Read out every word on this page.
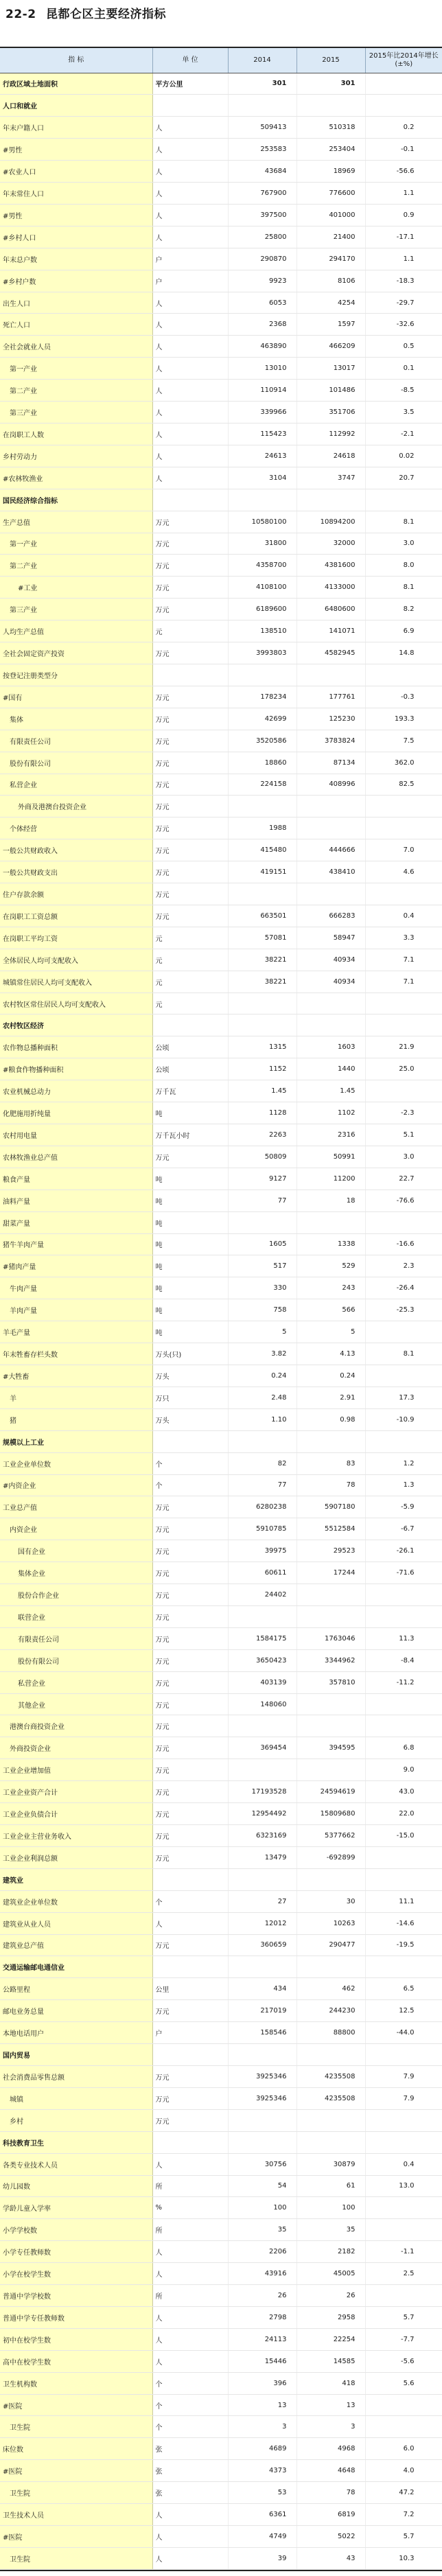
22-2 昆都仑区主要经济指标
指 标	单 位	2014	2015	2015年比2014年增长(±%)
行政区域土地面积	平方公里	301	301	
人口和就业				
年末户籍人口	人	509413	510318	0.2
#男性	人	253583	253404	-0.1
#农业人口	人	43684	18969	-56.6
年末常住人口	人	767900	776600	1.1
#男性	人	397500	401000	0.9
#乡村人口	人	25800	21400	-17.1
年末总户数	户	290870	294170	1.1
#乡村户数	户	9923	8106	-18.3
出生人口	人	6053	4254	-29.7
死亡人口	人	2368	1597	-32.6
全社会就业人员	人	463890	466209	0.5
第一产业	人	13010	13017	0.1
第二产业	人	110914	101486	-8.5
第三产业	人	339966	351706	3.5
在岗职工人数	人	115423	112992	-2.1
乡村劳动力	人	24613	24618	0.02
#农林牧渔业	人	3104	3747	20.7
国民经济综合指标				
生产总值	万元	10580100	10894200	8.1
第一产业	万元	31800	32000	3.0
第二产业	万元	4358700	4381600	8.0
#工业	万元	4108100	4133000	8.1
第三产业	万元	6189600	6480600	8.2
人均生产总值	元	138510	141071	6.9
全社会固定资产投资	万元	3993803	4582945	14.8
按登记注册类型分				
#国有	万元	178234	177761	-0.3
集体	万元	42699	125230	193.3
有限责任公司	万元	3520586	3783824	7.5
股份有限公司	万元	18860	87134	362.0
私营企业	万元	224158	408996	82.5
外商及港澳台投资企业	万元			
个体经营	万元	1988		
一般公共财政收入	万元	415480	444666	7.0
一般公共财政支出	万元	419151	438410	4.6
住户存款余额	万元			
在岗职工工资总额	万元	663501	666283	0.4
在岗职工平均工资	元	57081	58947	3.3
全体居民人均可支配收入	元	38221	40934	7.1
城镇常住居民人均可支配收入	元	38221	40934	7.1
农村牧区常住居民人均可支配收入	元			
农村牧区经济				
农作物总播种面积	公顷	1315	1603	21.9
#粮食作物播种面积	公顷	1152	1440	25.0
农业机械总动力	万千瓦	1.45	1.45	
化肥施用折纯量	吨	1128	1102	-2.3
农村用电量	万千瓦小时	2263	2316	5.1
农林牧渔业总产值	万元	50809	50991	3.0
粮食产量	吨	9127	11200	22.7
油料产量	吨	77	18	-76.6
甜菜产量	吨			
猪牛羊肉产量	吨	1605	1338	-16.6
#猪肉产量	吨	517	529	2.3
牛肉产量	吨	330	243	-26.4
羊肉产量	吨	758	566	-25.3
羊毛产量	吨	5	5	
年末牲畜存栏头数	万头(只)	3.82	4.13	8.1
#大牲畜	万头	0.24	0.24	
羊	万只	2.48	2.91	17.3
猪	万头	1.10	0.98	-10.9
规模以上工业				
工业企业单位数	个	82	83	1.2
#内资企业	个	77	78	1.3
工业总产值	万元	6280238	5907180	-5.9
内资企业	万元	5910785	5512584	-6.7
国有企业	万元	39975	29523	-26.1
集体企业	万元	60611	17244	-71.6
股份合作企业	万元	24402		
联营企业	万元			
有限责任公司	万元	1584175	1763046	11.3
股份有限公司	万元	3650423	3344962	-8.4
私营企业	万元	403139	357810	-11.2
其他企业	万元	148060		
港澳台商投资企业	万元			
外商投资企业	万元	369454	394595	6.8
工业企业增加值	万元			9.0
工业企业资产合计	万元	17193528	24594619	43.0
工业企业负债合计	万元	12954492	15809680	22.0
工业企业主营业务收入	万元	6323169	5377662	-15.0
工业企业利润总额	万元	13479	-692899	
建筑业				
建筑业企业单位数	个	27	30	11.1
建筑业从业人员	人	12012	10263	-14.6
建筑业总产值	万元	360659	290477	-19.5
交通运输邮电通信业				
公路里程	公里	434	462	6.5
邮电业务总量	万元	217019	244230	12.5
本地电话用户	户	158546	88800	-44.0
国内贸易				
社会消费品零售总额	万元	3925346	4235508	7.9
城镇	万元	3925346	4235508	7.9
乡村	万元			
科技教育卫生				
各类专业技术人员	人	30756	30879	0.4
幼儿园数	所	54	61	13.0
学龄儿童入学率	%	100	100	
小学学校数	所	35	35	
小学专任教师数	人	2206	2182	-1.1
小学在校学生数	人	43916	45005	2.5
普通中学学校数	所	26	26	
普通中学专任教师数	人	2798	2958	5.7
初中在校学生数	人	24113	22254	-7.7
高中在校学生数	人	15446	14585	-5.6
卫生机构数	个	396	418	5.6
#医院	个	13	13	
卫生院	个	3	3	
床位数	张	4689	4968	6.0
#医院	张	4373	4648	4.0
卫生院	张	53	78	47.2
卫生技术人员	人	6361	6819	7.2
#医院	人	4749	5022	5.7
卫生院	人	39	43	10.3
